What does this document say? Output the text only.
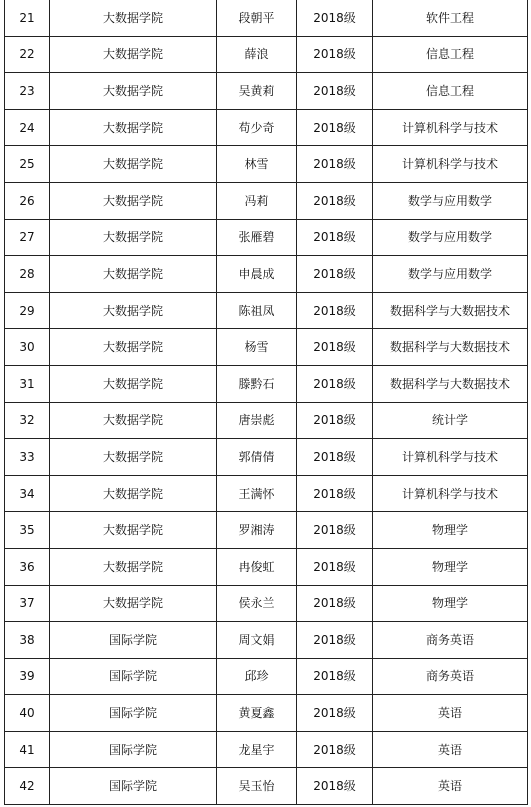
21	大数据学院	段朝平	2018级	软件工程
22	大数据学院	薛浪	2018级	信息工程
23	大数据学院	吴黄莉	2018级	信息工程
24	大数据学院	苟少奇	2018级	计算机科学与技术
25	大数据学院	林雪	2018级	计算机科学与技术
26	大数据学院	冯莉	2018级	数学与应用数学
27	大数据学院	张雁碧	2018级	数学与应用数学
28	大数据学院	申晨成	2018级	数学与应用数学
29	大数据学院	陈祖凤	2018级	数据科学与大数据技术
30	大数据学院	杨雪	2018级	数据科学与大数据技术
31	大数据学院	滕黔石	2018级	数据科学与大数据技术
32	大数据学院	唐崇彪	2018级	统计学
33	大数据学院	郭倩倩	2018级	计算机科学与技术
34	大数据学院	王满怀	2018级	计算机科学与技术
35	大数据学院	罗湘涛	2018级	物理学
36	大数据学院	冉俊虹	2018级	物理学
37	大数据学院	侯永兰	2018级	物理学
38	国际学院	周文娟	2018级	商务英语
39	国际学院	邱珍	2018级	商务英语
40	国际学院	黄夏鑫	2018级	英语
41	国际学院	龙星宇	2018级	英语
42	国际学院	吴玉怡	2018级	英语
